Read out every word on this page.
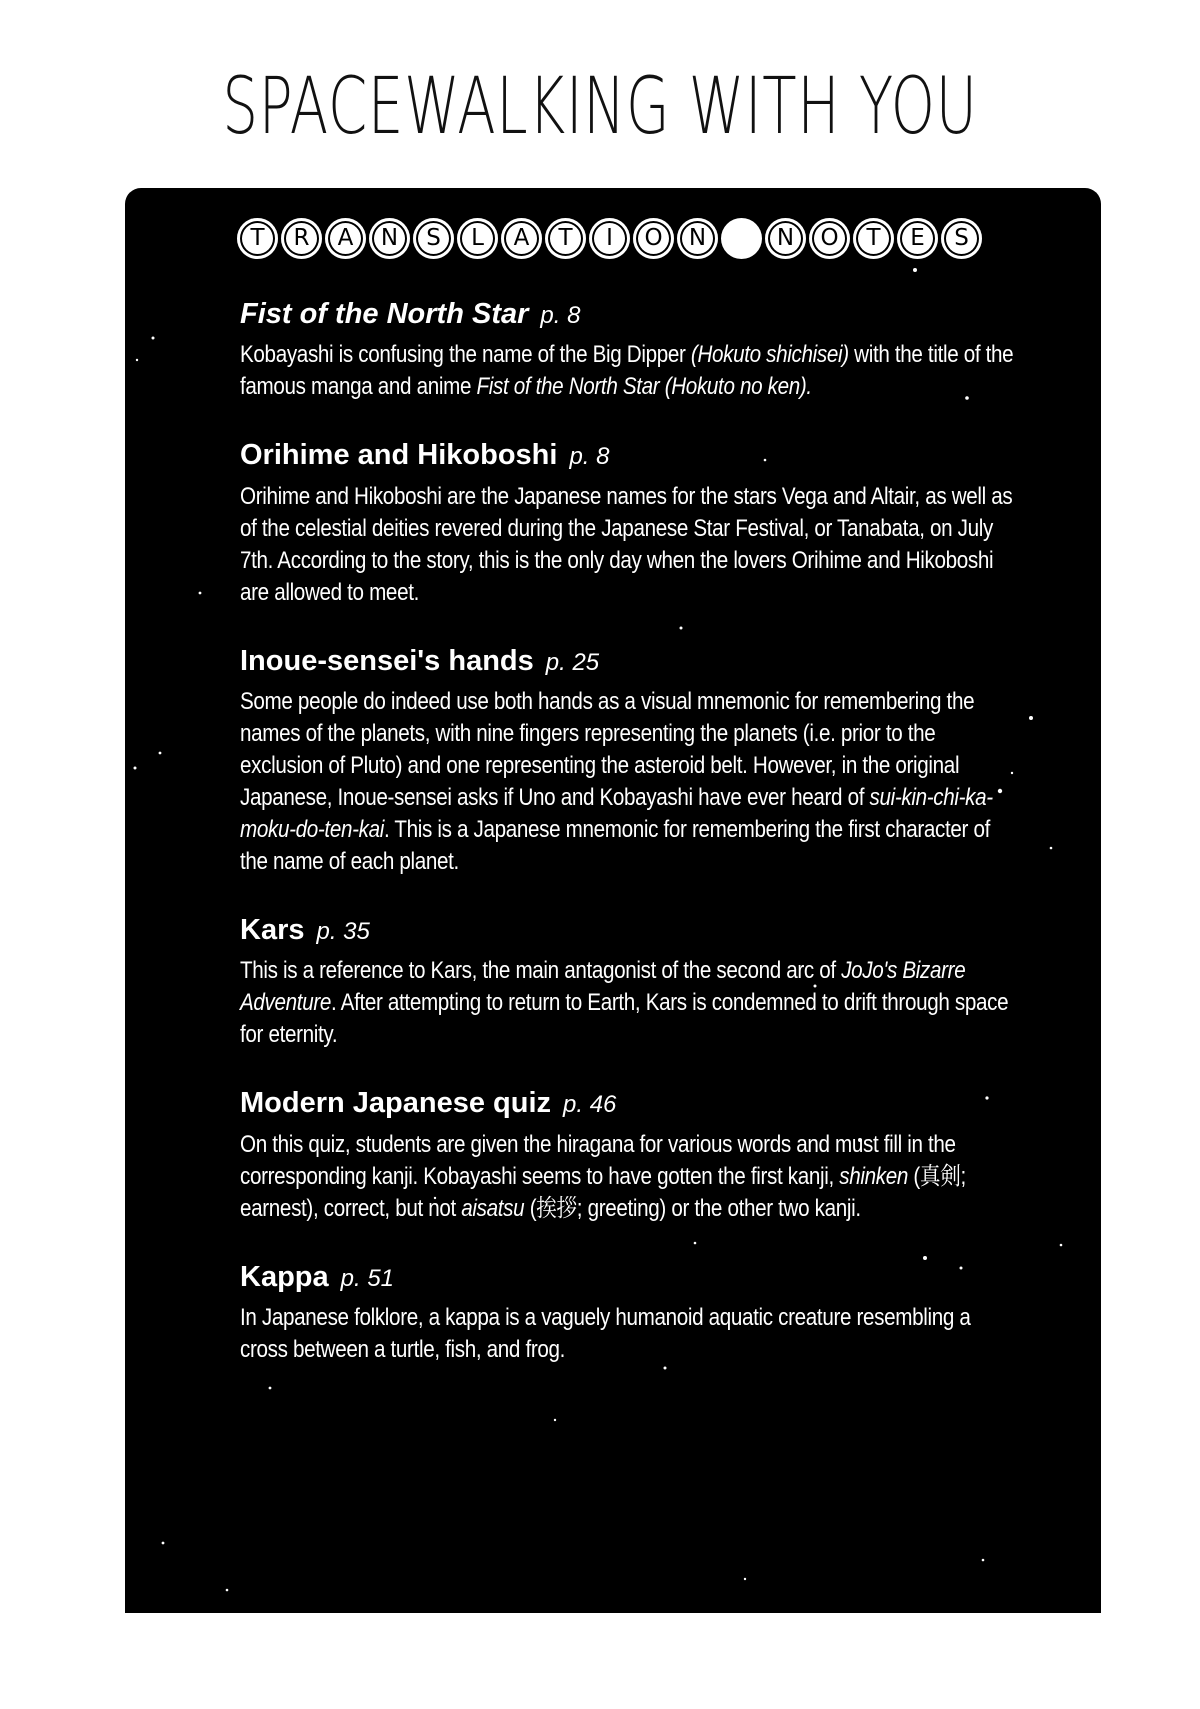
SPACEWALKING WITH YOU
T	R	A	N	S	L	A	T	I	O	N	N	O	T	E	S
Fist of the North Star p. 8

Kobayashi is confusing the name of the Big Dipper (Hokuto shichisei) with the title of the famous manga and anime Fist of the North Star (Hokuto no ken).

Orihime and Hikoboshi p. 8

Orihime and Hikoboshi are the Japanese names for the stars Vega and Altair, as well as of the celestial deities revered during the Japanese Star Festival, or Tanabata, on July 7th. According to the story, this is the only day when the lovers Orihime and Hikoboshi are allowed to meet.

Inoue-sensei's hands p. 25

Some people do indeed use both hands as a visual mnemonic for remembering the names of the planets, with nine fingers representing the planets (i.e. prior to the exclusion of Pluto) and one representing the asteroid belt. However, in the original Japanese, Inoue-sensei asks if Uno and Kobayashi have ever heard of sui-kin-chi-ka-moku-do-ten-kai. This is a Japanese mnemonic for remembering the first character of the name of each planet.

Kars p. 35

This is a reference to Kars, the main antagonist of the second arc of JoJo's Bizarre Adventure. After attempting to return to Earth, Kars is condemned to drift through space for eternity.

Modern Japanese quiz p. 46

On this quiz, students are given the hiragana for various words and must fill in the corresponding kanji. Kobayashi seems to have gotten the first kanji, shinken (真剣; earnest), correct, but not aisatsu (挨拶; greeting) or the other two kanji.

Kappa p. 51

In Japanese folklore, a kappa is a vaguely humanoid aquatic creature resembling a cross between a turtle, fish, and frog.
